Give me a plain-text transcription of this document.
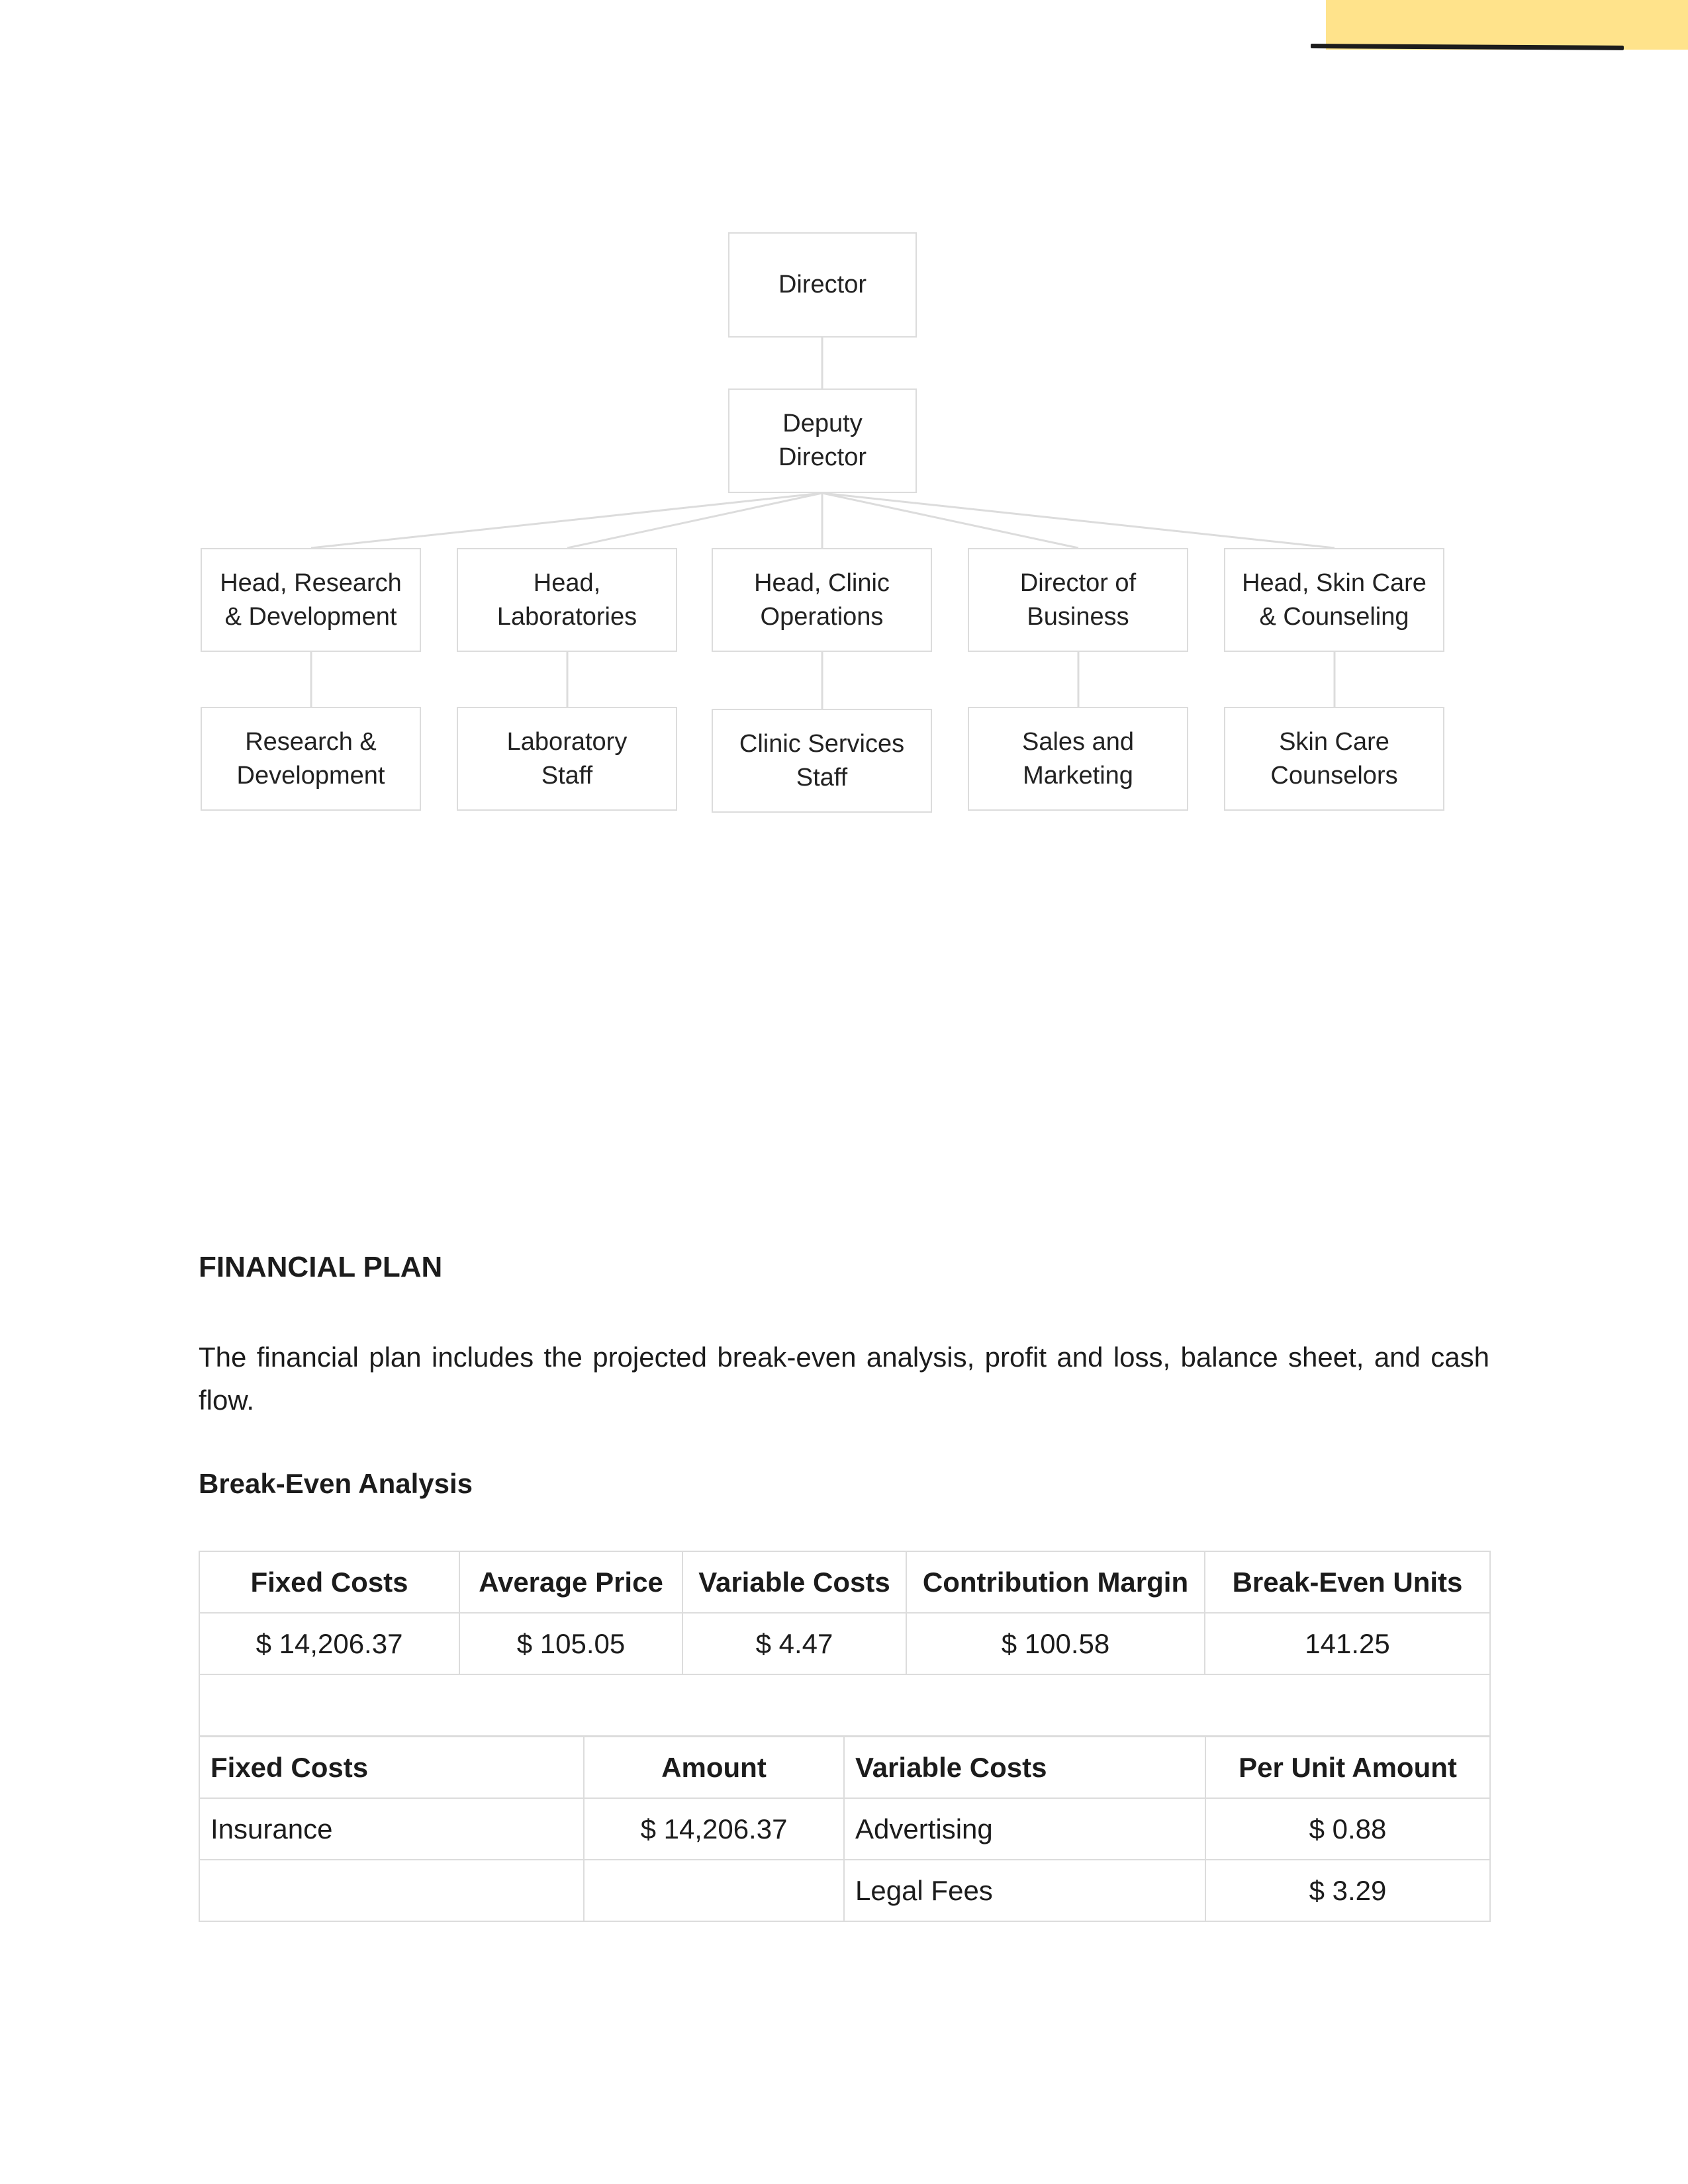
Director
Deputy
Director
Head, Research
& Development
Head,
Laboratories
Head, Clinic
Operations
Director of
Business
Head, Skin Care
& Counseling
Research &
Development
Laboratory
Staff
Clinic Services
Staff
Sales and
Marketing
Skin Care
Counselors
FINANCIAL PLAN

The financial plan includes the projected break-even analysis, profit and loss, balance sheet, and cash flow.

Break-Even Analysis
Fixed Costs	Average Price	Variable Costs	Contribution Margin	Break-Even Units
$ 14,206.37	$ 105.05	$ 4.47	$ 100.58	141.25

Fixed Costs	Amount	Variable Costs	Per Unit Amount
Insurance	$ 14,206.37	Advertising	$ 0.88
		Legal Fees	$ 3.29
